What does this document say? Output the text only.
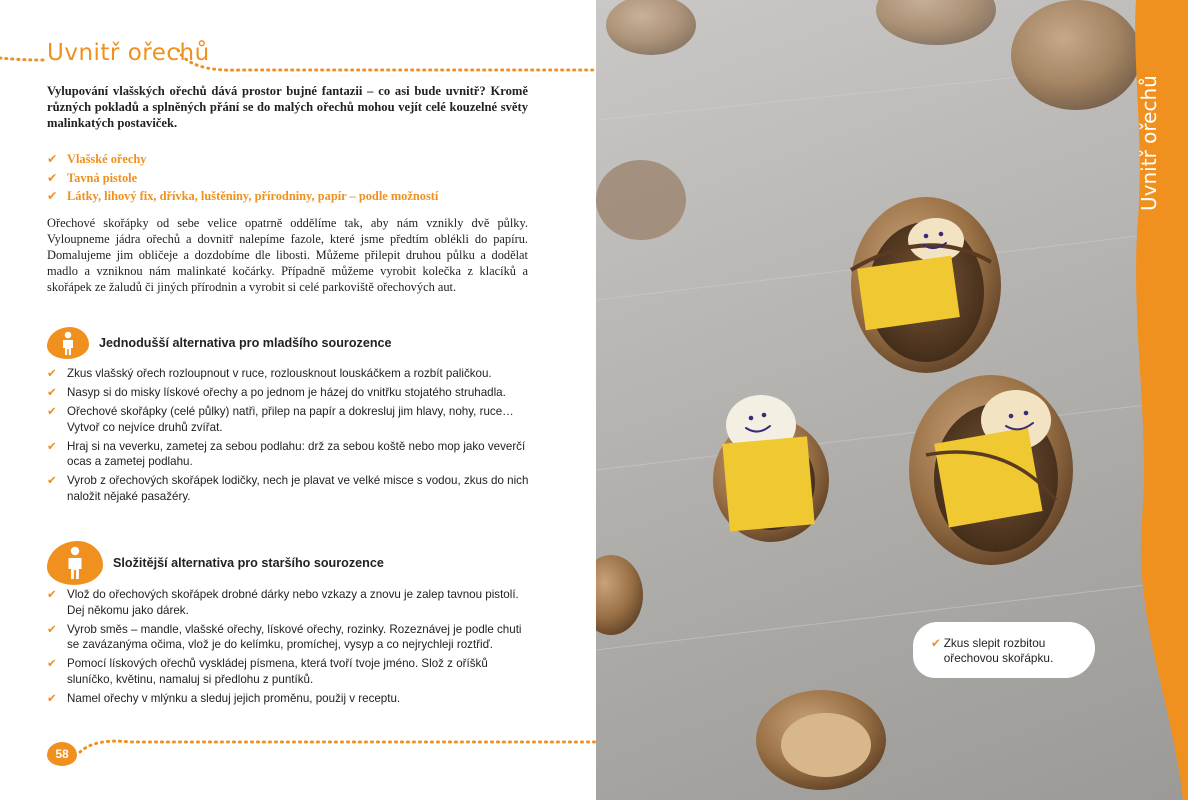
Uvnitř ořechů

Vylupování vlašských ořechů dává prostor bujné fantazii – co asi bude uvnitř? Kromě různých pokladů a splněných přání se do malých ořechů mohou vejít celé kouzelné světy malinkatých postaviček.

✔ Vlašské ořechy
✔ Tavná pistole
✔ Látky, lihový fix, dřívka, luštěniny, přírodniny, papír – podle možností

Ořechové skořápky od sebe velice opatrně oddělíme tak, aby nám vznikly dvě půlky. Vyloupneme jádra ořechů a dovnitř nalepíme fazole, které jsme předtím oblékli do papíru. Domalujeme jim obličeje a dozdobíme dle libosti. Můžeme přilepit druhou půlku a dodělat madlo a vzniknou nám malinkaté kočárky. Případně můžeme vyrobit kolečka z klacíků a skořápek ze žaludů či jiných přírodnin a vyrobit si celé parkoviště ořechových aut.

Jednodušší alternativa pro mladšího sourozence
✔ Zkus vlašský ořech rozloupnout v ruce, rozlousknout louskáčkem a rozbít paličkou.
✔ Nasyp si do misky lískové ořechy a po jednom je házej do vnitřku stojatého struhadla.
✔ Ořechové skořápky (celé půlky) natři, přilep na papír a dokresluj jim hlavy, nohy, ruce… Vytvoř co nejvíce druhů zvířat.
✔ Hraj si na veverku, zametej za sebou podlahu: drž za sebou koště nebo mop jako veverčí ocas a zametej podlahu.
✔ Vyrob z ořechových skořápek lodičky, nech je plavat ve velké misce s vodou, zkus do nich naložit nějaké pasažéry.
Složitější alternativa pro staršího sourozence
✔ Vlož do ořechových skořápek drobné dárky nebo vzkazy a znovu je zalep tavnou pistolí. Dej někomu jako dárek.
✔ Vyrob směs – mandle, vlašské ořechy, lískové ořechy, rozinky. Rozeznávej je podle chuti se zavázanýma očima, vlož je do kelímku, promíchej, vysyp a co nejrychleji roztřiď.
✔ Pomocí lískových ořechů vyskládej písmena, která tvoří tvoje jméno. Slož z oříšků sluníčko, květinu, namaluj si předlohu z puntíků.
✔ Namel ořechy v mlýnku a sleduj jejich proměnu, použij v receptu.
58
Uvnitř ořechů
✔ Zkus slepit rozbitou ořechovou skořápku.
